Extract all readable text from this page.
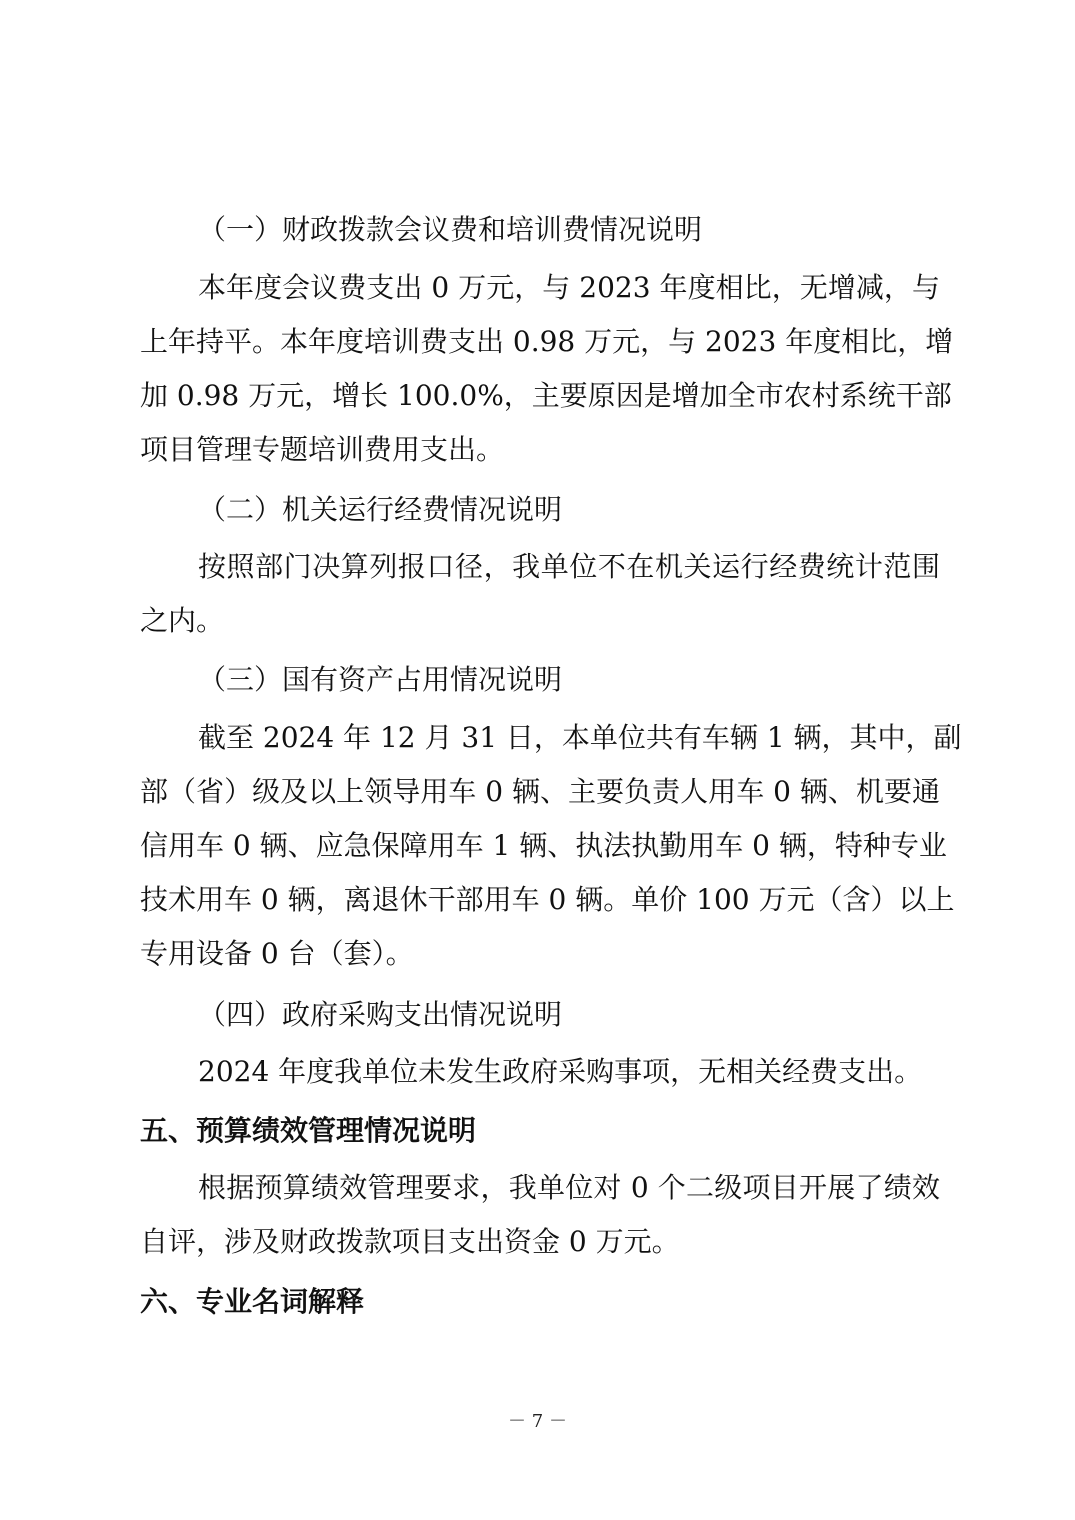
（一）财政拨款会议费和培训费情况说明
本年度会议费支出 0 万元，与 2023 年度相比，无增减，与
上年持平。本年度培训费支出 0.98 万元，与 2023 年度相比，增
加 0.98 万元，增长 100.0%，主要原因是增加全市农村系统干部
项目管理专题培训费用支出。
（二）机关运行经费情况说明
按照部门决算列报口径，我单位不在机关运行经费统计范围
之内。
（三）国有资产占用情况说明
截至 2024 年 12 月 31 日，本单位共有车辆 1 辆，其中，副
部（省）级及以上领导用车 0 辆、主要负责人用车 0 辆、机要通
信用车 0 辆、应急保障用车 1 辆、执法执勤用车 0 辆，特种专业
技术用车 0 辆，离退休干部用车 0 辆。单价 100 万元（含）以上
专用设备 0 台（套）。
（四）政府采购支出情况说明
2024 年度我单位未发生政府采购事项，无相关经费支出。
五、预算绩效管理情况说明
根据预算绩效管理要求，我单位对 0 个二级项目开展了绩效
自评，涉及财政拨款项目支出资金 0 万元。
六、专业名词解释
－ 7 －
